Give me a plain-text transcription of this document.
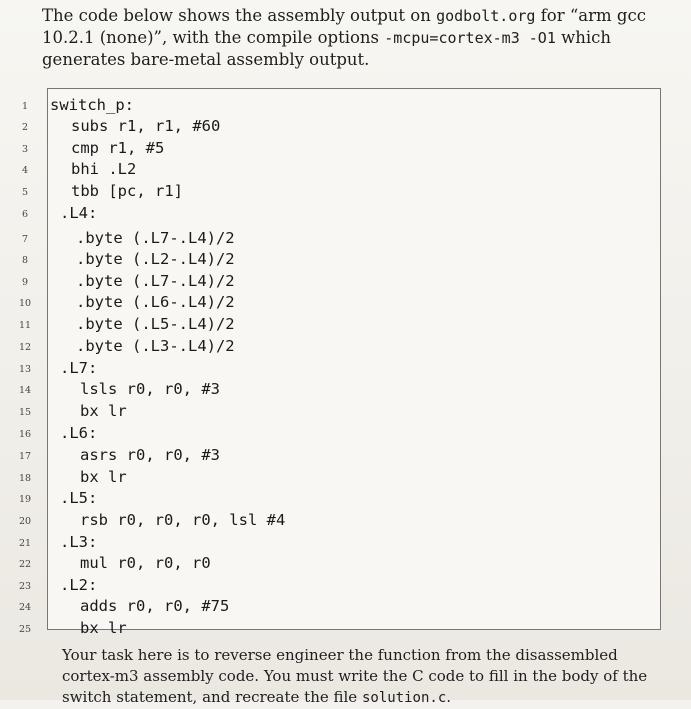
The code below shows the assembly output on godbolt.org for “arm gcc 10.2.1 (none)”, with the compile options -mcpu=cortex-m3 -O1 which generates bare-metal assembly output.
1
2
3
4
5
6
7
8
9
10
11
12
13
14
15
16
17
18
19
20
21
22
23
24
25
switch_p:
subs r1, r1, #60
cmp r1, #5
bhi .L2
tbb [pc, r1]
.L4:
.byte (.L7-.L4)/2
.byte (.L2-.L4)/2
.byte (.L7-.L4)/2
.byte (.L6-.L4)/2
.byte (.L5-.L4)/2
.byte (.L3-.L4)/2
.L7:
lsls r0, r0, #3
bx lr
.L6:
asrs r0, r0, #3
bx lr
.L5:
rsb r0, r0, r0, lsl #4
.L3:
mul r0, r0, r0
.L2:
adds r0, r0, #75
bx lr
Your task here is to reverse engineer the function from the disassembled cortex-m3 assembly code. You must write the C code to fill in the body of the switch statement, and recreate the file solution.c.
